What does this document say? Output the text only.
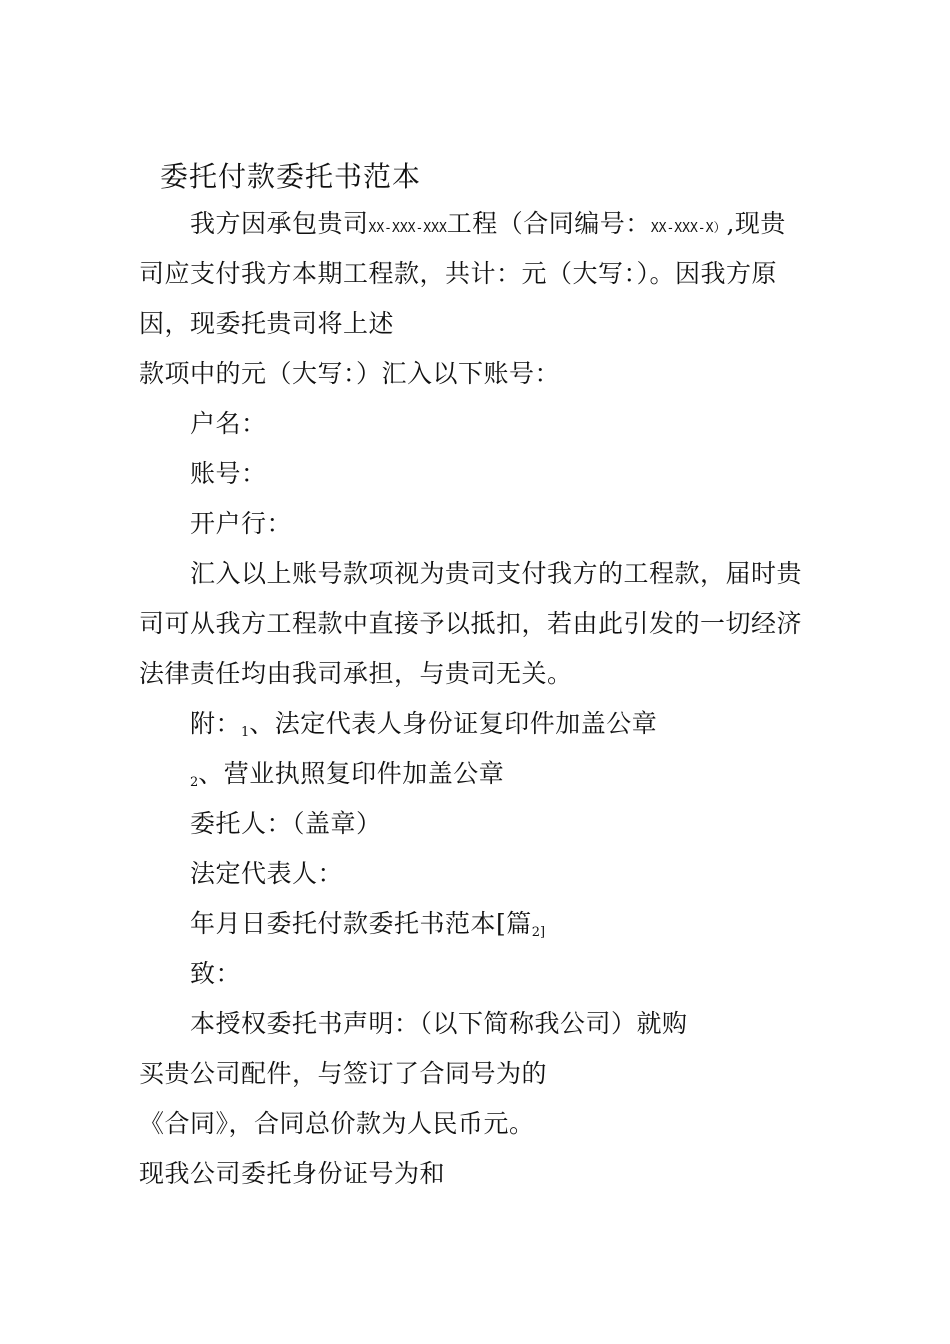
委托付款委托书范本
我方因承包贵司XX-XXX-XXX工程（合同编号：XX-XXX-X）,现贵
司应支付我方本期工程款，共计：元（大写：）。因我方原
因，现委托贵司将上述
款项中的元（大写：）汇入以下账号：
户名：
账号：
开户行：
汇入以上账号款项视为贵司支付我方的工程款，届时贵
司可从我方工程款中直接予以抵扣，若由此引发的一切经济
法律责任均由我司承担，与贵司无关。
附：$_1$、法定代表人身份证复印件加盖公章
$_2$、营业执照复印件加盖公章
委托人：（盖章）
法定代表人：
年月日委托付款委托书范本[篇$_{2]}$
致：
本授权委托书声明：（以下简称我公司）就购
买贵公司配件，与签订了合同号为的
《合同》，合同总价款为人民币元。
现我公司委托身份证号为和
